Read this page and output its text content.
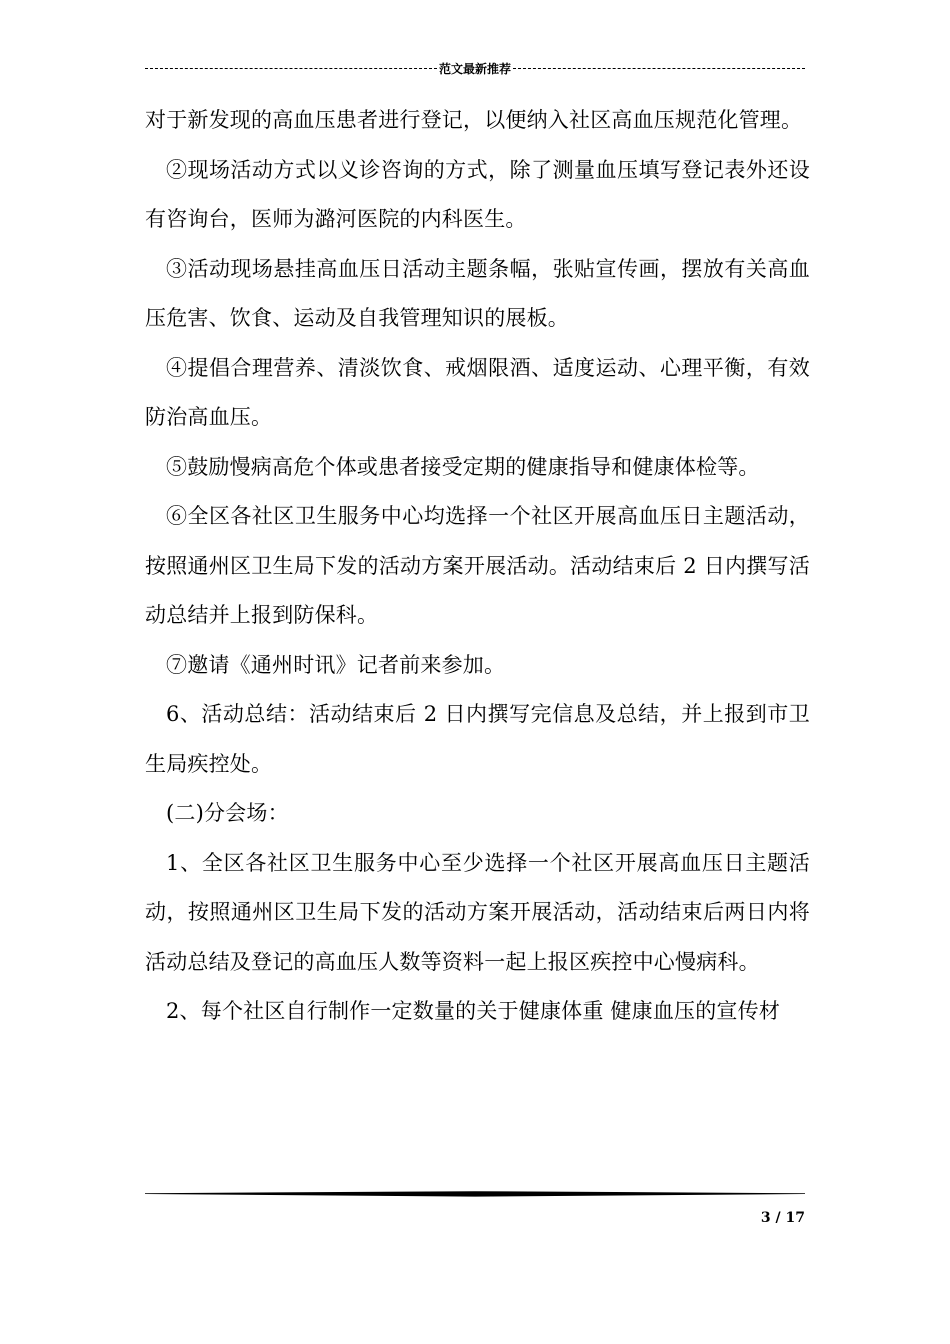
范文最新推荐

对于新发现的高血压患者进行登记，以便纳入社区高血压规范化管理。

②现场活动方式以义诊咨询的方式，除了测量血压填写登记表外还设有咨询台，医师为潞河医院的内科医生。

③活动现场悬挂高血压日活动主题条幅，张贴宣传画，摆放有关高血压危害、饮食、运动及自我管理知识的展板。

④提倡合理营养、清淡饮食、戒烟限酒、适度运动、心理平衡，有效防治高血压。

⑤鼓励慢病高危个体或患者接受定期的健康指导和健康体检等。

⑥全区各社区卫生服务中心均选择一个社区开展高血压日主题活动，按照通州区卫生局下发的活动方案开展活动。活动结束后 2 日内撰写活动总结并上报到防保科。

⑦邀请《通州时讯》记者前来参加。

6、活动总结：活动结束后 2 日内撰写完信息及总结，并上报到市卫生局疾控处。

(二)分会场：

1、全区各社区卫生服务中心至少选择一个社区开展高血压日主题活动，按照通州区卫生局下发的活动方案开展活动，活动结束后两日内将活动总结及登记的高血压人数等资料一起上报区疾控中心慢病科。

2、每个社区自行制作一定数量的关于健康体重 健康血压的宣传材

3 / 17
